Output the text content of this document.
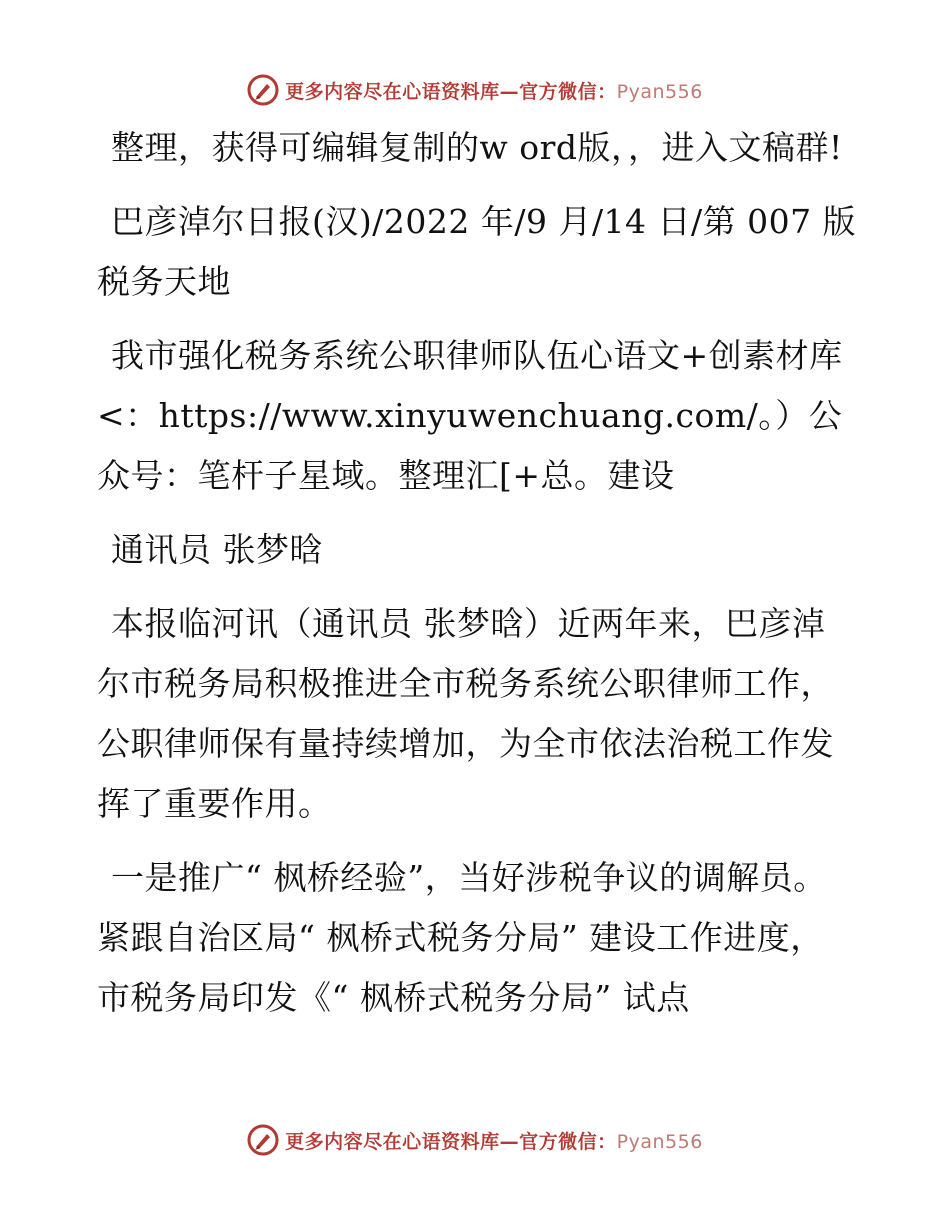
更多内容尽在心语资料库—官方微信：Pyan556

整理，获得可编辑复制的w ord版，，进入文稿群!

巴彦淖尔日报(汉)/2022 年/9 月/14 日/第 007 版税务天地

我市强化税务系统公职律师队伍心语文+创素材库<：https://www.xinyuwenchuang.com/。）公众号：笔杆子星域。整理汇[+总。建设

通讯员 张梦晗

本报临河讯（通讯员 张梦晗）近两年来，巴彦淖尔市税务局积极推进全市税务系统公职律师工作，公职律师保有量持续增加，为全市依法治税工作发挥了重要作用。

一是推广“ 枫桥经验”，当好涉税争议的调解员。紧跟自治区局“ 枫桥式税务分局” 建设工作进度，市税务局印发《“ 枫桥式税务分局” 试点

更多内容尽在心语资料库—官方微信：Pyan556
